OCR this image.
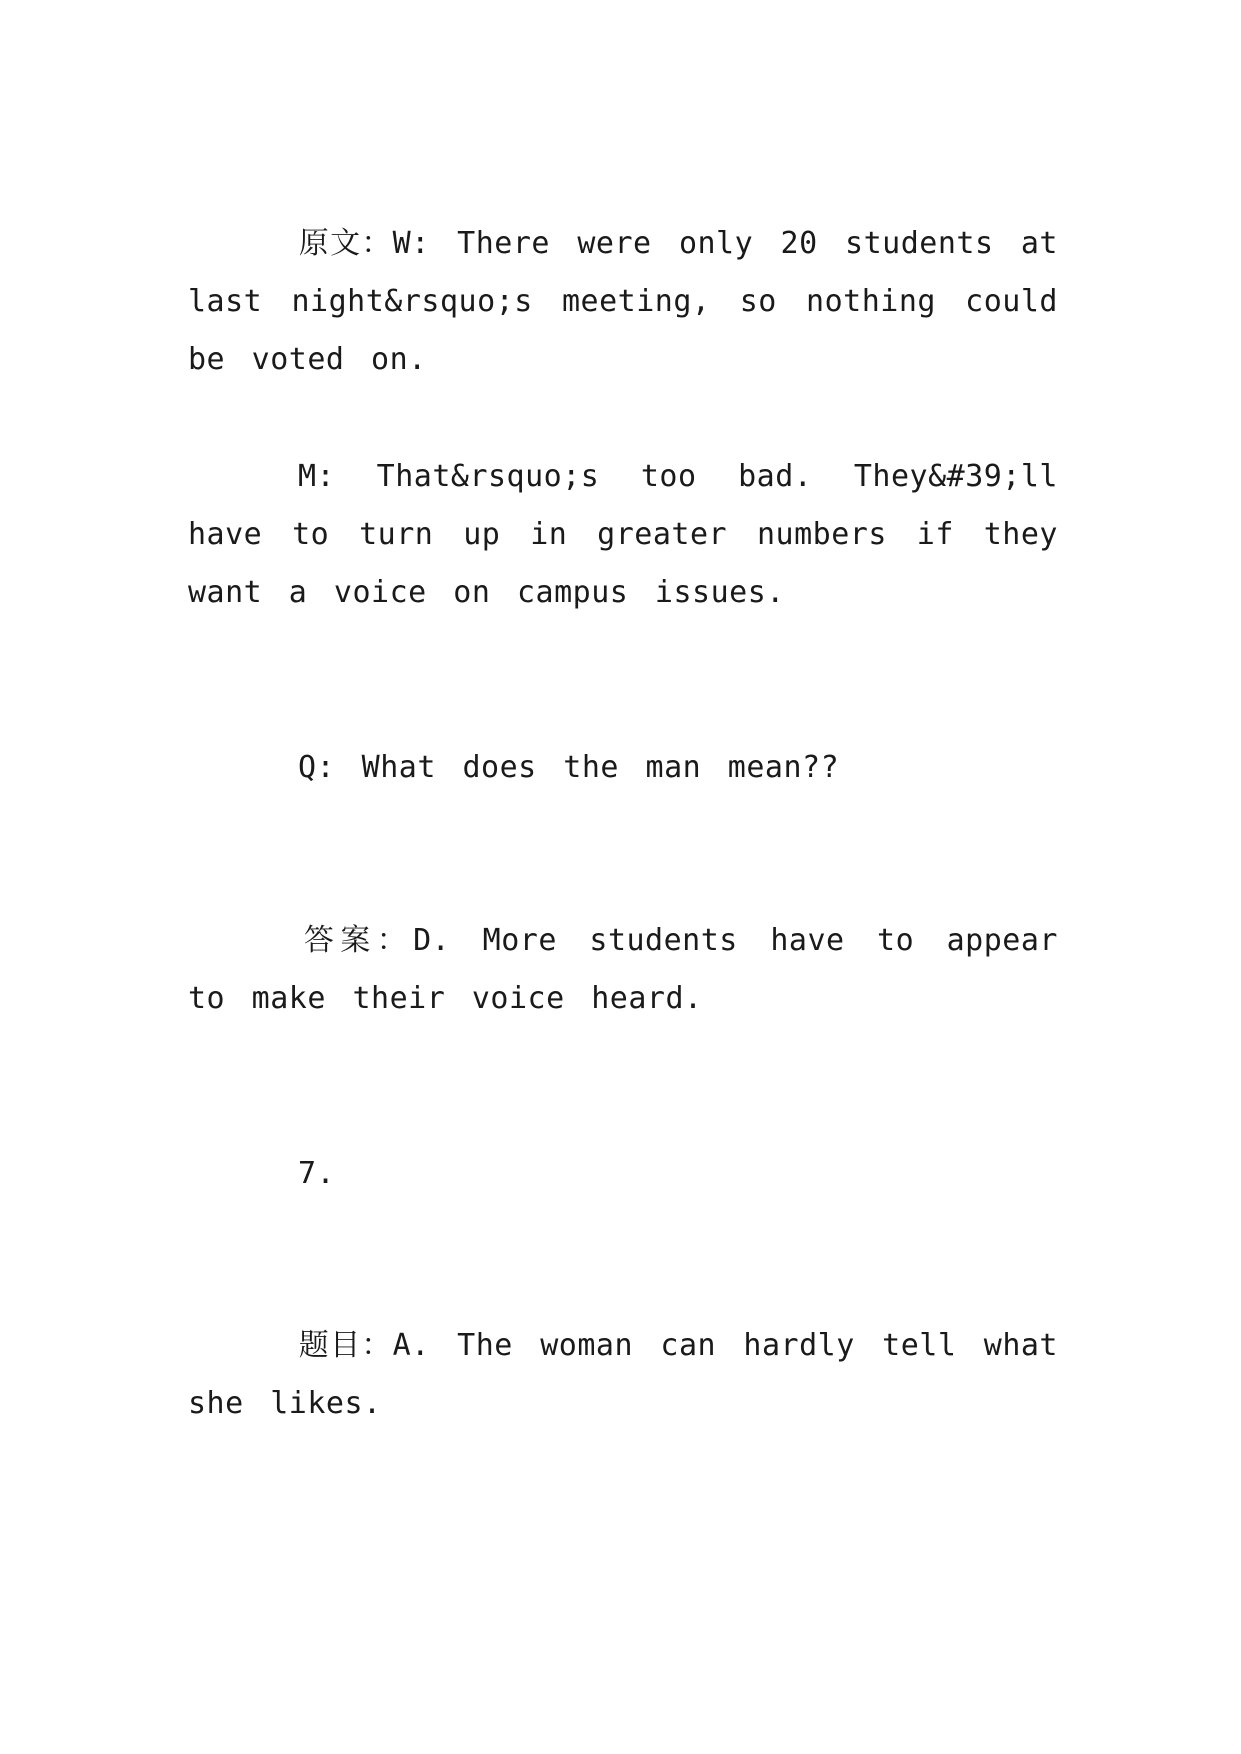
原文：W: There were only 20 students at last night&rsquo;s meeting, so nothing could be voted on.
M: That&rsquo;s too bad. They&#39;ll have to turn up in greater numbers if they want a voice on campus issues.
Q: What does the man mean??
答案：D. More students have to appear to make their voice heard.
7.
题目：A. The woman can hardly tell what she likes.
